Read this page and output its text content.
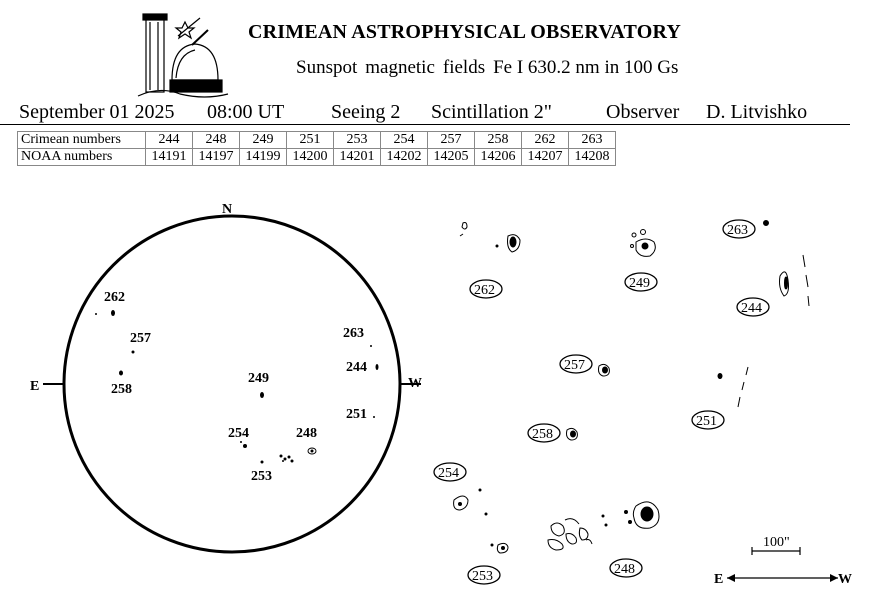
CRIMEAN ASTROPHYSICAL OBSERVATORY
Sunspot magnetic fields Fe I 630.2 nm in 100 Gs
September 01 2025 08:00 UT Seeing 2 Scintillation 2"	Observer D. Litvishko
Crimean numbers	244	248	249	251	253	254	257	258	262	263
NOAA numbers	14191	14197	14199	14200	14201	14202	14205	14206	14207	14208
N
E	W
262
257
258
249
263
244
251
254	248
253
262	249
263
244
257
251
258
254
253	248
100"
E	W
